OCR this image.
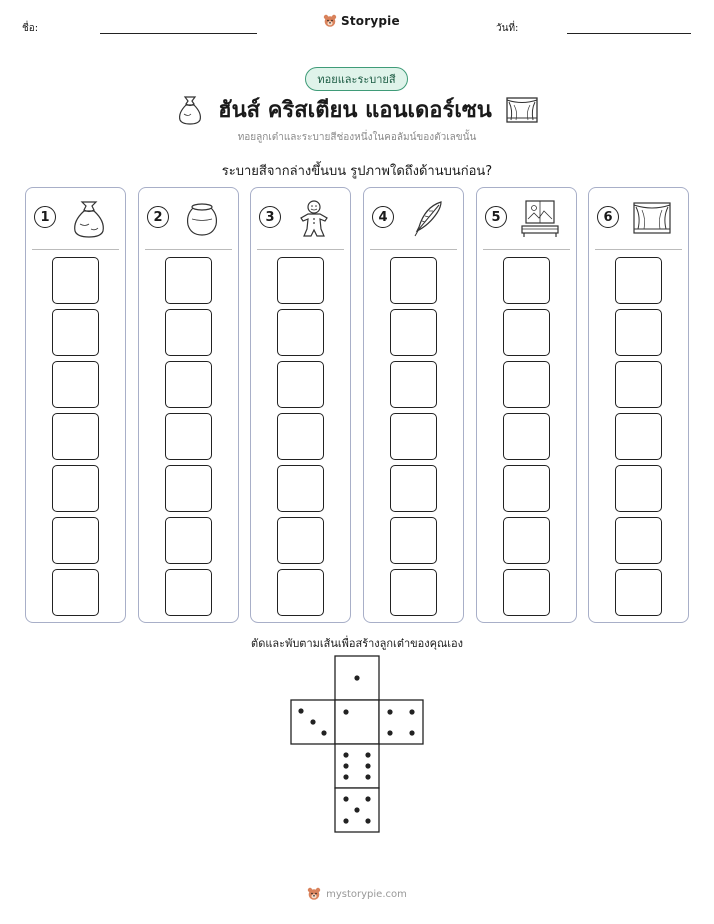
ชื่อ:
Storypie
วันที่:
ทอยและระบายสี
ฮันส์ คริสเตียน แอนเดอร์เซน
ทอยลูกเต๋าและระบายสีช่องหนึ่งในคอลัมน์ของตัวเลขนั้น
ระบายสีจากล่างขึ้นบน รูปภาพใดถึงด้านบนก่อน?
1	2	3	4	5	6
ตัดและพับตามเส้นเพื่อสร้างลูกเต๋าของคุณเอง
mystorypie.com
